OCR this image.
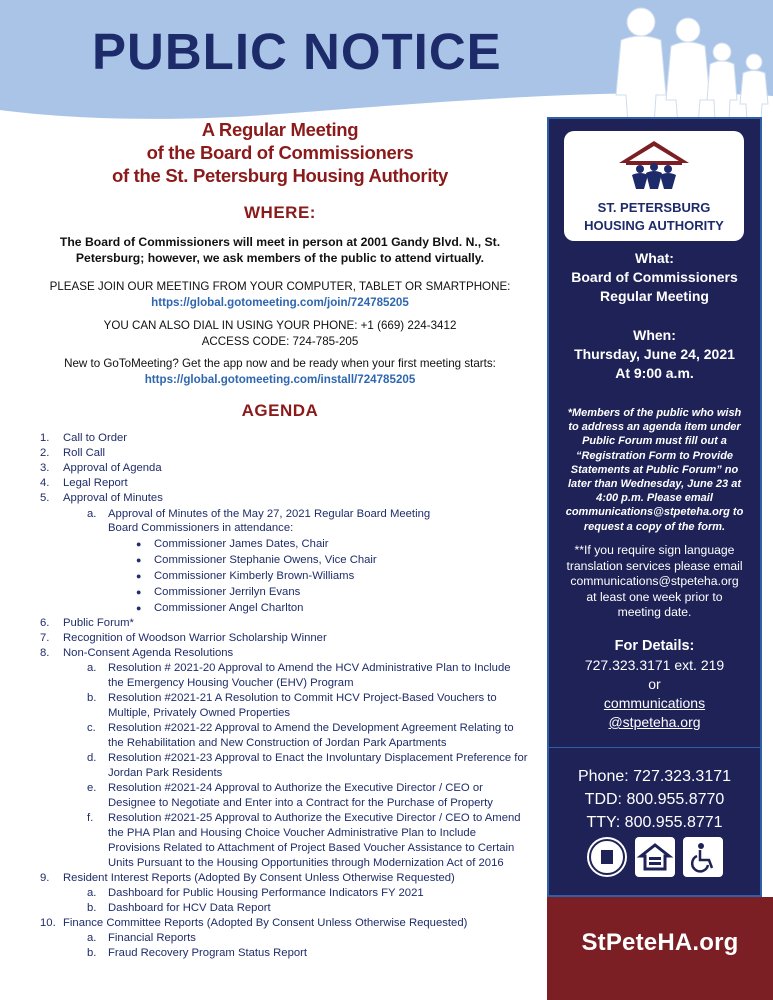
PUBLIC NOTICE
A Regular Meeting
of the Board of Commissioners
of the St. Petersburg Housing Authority
WHERE:
The Board of Commissioners will meet in person at 2001 Gandy Blvd. N., St.
Petersburg; however, we ask members of the public to attend virtually.
PLEASE JOIN OUR MEETING FROM YOUR COMPUTER, TABLET OR SMARTPHONE:
https://global.gotomeeting.com/join/724785205
YOU CAN ALSO DIAL IN USING YOUR PHONE: +1 (669) 224-3412
ACCESS CODE: 724-785-205
New to GoToMeeting? Get the app now and be ready when your first meeting starts:
https://global.gotomeeting.com/install/724785205
AGENDA
1.	Call to Order
2.	Roll Call
3.	Approval of Agenda
4.	Legal Report
5.	Approval of Minutes
a.	Approval of Minutes of the May 27, 2021 Regular Board Meeting
Board Commissioners in attendance:
● Commissioner James Dates, Chair
● Commissioner Stephanie Owens, Vice Chair
● Commissioner Kimberly Brown-Williams
● Commissioner Jerrilyn Evans
● Commissioner Angel Charlton
6.	Public Forum*
7.	Recognition of Woodson Warrior Scholarship Winner
8.	Non-Consent Agenda Resolutions
a.	Resolution # 2021-20 Approval to Amend the HCV Administrative Plan to Include
the Emergency Housing Voucher (EHV) Program
b.	Resolution #2021-21 A Resolution to Commit HCV Project-Based Vouchers to
Multiple, Privately Owned Properties
c.	Resolution #2021-22 Approval to Amend the Development Agreement Relating to
the Rehabilitation and New Construction of Jordan Park Apartments
d.	Resolution #2021-23 Approval to Enact the Involuntary Displacement Preference for
Jordan Park Residents
e.	Resolution #2021-24 Approval to Authorize the Executive Director / CEO or
Designee to Negotiate and Enter into a Contract for the Purchase of Property
f.	Resolution #2021-25 Approval to Authorize the Executive Director / CEO to Amend
the PHA Plan and Housing Choice Voucher Administrative Plan to Include
Provisions Related to Attachment of Project Based Voucher Assistance to Certain
Units Pursuant to the Housing Opportunities through Modernization Act of 2016
9.	Resident Interest Reports (Adopted By Consent Unless Otherwise Requested)
a.	Dashboard for Public Housing Performance Indicators FY 2021
b.	Dashboard for HCV Data Report
10. Finance Committee Reports (Adopted By Consent Unless Otherwise Requested)
a.	Financial Reports
b.	Fraud Recovery Program Status Report
ST. PETERSBURG
HOUSING AUTHORITY
What:
Board of Commissioners
Regular Meeting
When:
Thursday, June 24, 2021
At 9:00 a.m.
*Members of the public who wish
to address an agenda item under
Public Forum must fill out a
“Registration Form to Provide
Statements at Public Forum” no
later than Wednesday, June 23 at
4:00 p.m. Please email
communications@stpeteha.org to
request a copy of the form.
**If you require sign language
translation services please email
communications@stpeteha.org
at least one week prior to
meeting date.
For Details:
727.323.3171 ext. 219
or
communications
@stpeteha.org
Phone: 727.323.3171
TDD: 800.955.8770
TTY: 800.955.8771
StPeteHA.org
